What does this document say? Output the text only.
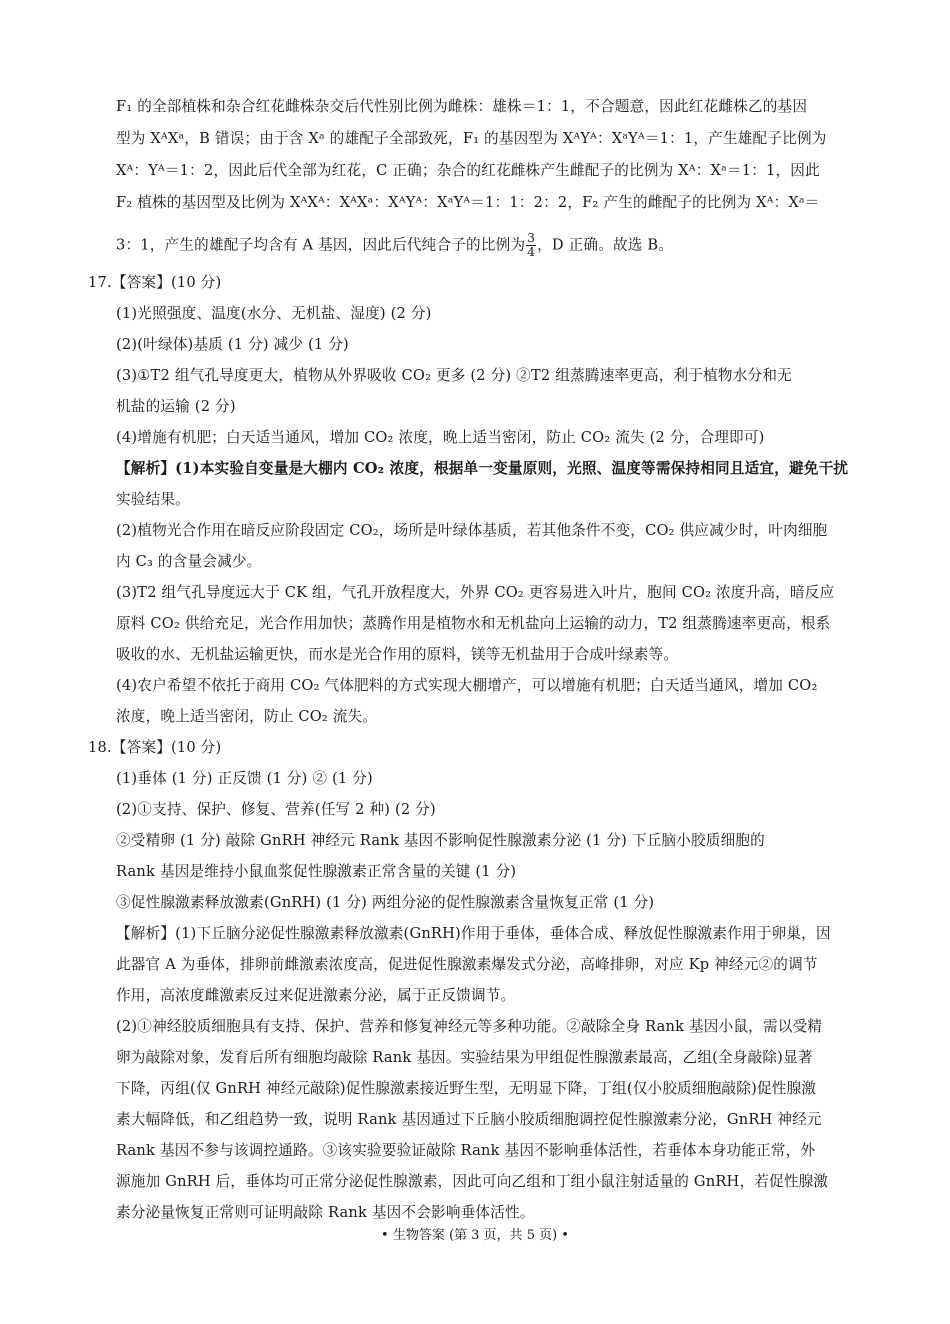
F₁ 的全部植株和杂合红花雌株杂交后代性别比例为雌株：雄株＝1：1，不合题意，因此红花雌株乙的基因
型为 XᴬXᵃ，B 错误；由于含 Xᵃ 的雄配子全部致死，F₁ 的基因型为 XᴬYᴬ：XᵃYᴬ＝1：1，产生雄配子比例为
Xᴬ：Yᴬ＝1：2，因此后代全部为红花，C 正确；杂合的红花雌株产生雌配子的比例为 Xᴬ：Xᵃ＝1：1，因此
F₂ 植株的基因型及比例为 XᴬXᴬ：XᴬXᵃ：XᴬYᴬ：XᵃYᴬ＝1：1：2：2，F₂ 产生的雌配子的比例为 Xᴬ：Xᵃ＝
3：1，产生的雄配子均含有 A 基因，因此后代纯合子的比例为 $\frac{3}{4}$ ，D 正确。故选 B。
17.【答案】(10 分)
(1)光照强度、温度(水分、无机盐、湿度) (2 分)
(2)(叶绿体)基质 (1 分) 减少 (1 分)
(3)①T2 组气孔导度更大，植物从外界吸收 CO₂ 更多 (2 分) ②T2 组蒸腾速率更高，利于植物水分和无
机盐的运输 (2 分)
(4)增施有机肥；白天适当通风，增加 CO₂ 浓度，晚上适当密闭，防止 CO₂ 流失 (2 分，合理即可)
【解析】(1)本实验自变量是大棚内 CO₂ 浓度，根据单一变量原则，光照、温度等需保持相同且适宜，避免干扰
实验结果。
(2)植物光合作用在暗反应阶段固定 CO₂，场所是叶绿体基质，若其他条件不变，CO₂ 供应减少时，叶肉细胞
内 C₃ 的含量会减少。
(3)T2 组气孔导度远大于 CK 组，气孔开放程度大，外界 CO₂ 更容易进入叶片，胞间 CO₂ 浓度升高，暗反应
原料 CO₂ 供给充足，光合作用加快；蒸腾作用是植物水和无机盐向上运输的动力，T2 组蒸腾速率更高，根系
吸收的水、无机盐运输更快，而水是光合作用的原料，镁等无机盐用于合成叶绿素等。
(4)农户希望不依托于商用 CO₂ 气体肥料的方式实现大棚增产，可以增施有机肥；白天适当通风，增加 CO₂
浓度，晚上适当密闭，防止 CO₂ 流失。
18.【答案】(10 分)
(1)垂体 (1 分) 正反馈 (1 分) ② (1 分)
(2)①支持、保护、修复、营养(任写 2 种) (2 分)
②受精卵 (1 分) 敲除 GnRH 神经元 Rank 基因不影响促性腺激素分泌 (1 分) 下丘脑小胶质细胞的
Rank 基因是维持小鼠血浆促性腺激素正常含量的关键 (1 分)
③促性腺激素释放激素(GnRH) (1 分) 两组分泌的促性腺激素含量恢复正常 (1 分)
【解析】(1)下丘脑分泌促性腺激素释放激素(GnRH)作用于垂体，垂体合成、释放促性腺激素作用于卵巢，因
此器官 A 为垂体，排卵前雌激素浓度高，促进促性腺激素爆发式分泌，高峰排卵，对应 Kp 神经元②的调节
作用，高浓度雌激素反过来促进激素分泌，属于正反馈调节。
(2)①神经胶质细胞具有支持、保护、营养和修复神经元等多种功能。②敲除全身 Rank 基因小鼠，需以受精
卵为敲除对象，发育后所有细胞均敲除 Rank 基因。实验结果为甲组促性腺激素最高，乙组(全身敲除)显著
下降，丙组(仅 GnRH 神经元敲除)促性腺激素接近野生型，无明显下降，丁组(仅小胶质细胞敲除)促性腺激
素大幅降低，和乙组趋势一致，说明 Rank 基因通过下丘脑小胶质细胞调控促性腺激素分泌，GnRH 神经元
Rank 基因不参与该调控通路。③该实验要验证敲除 Rank 基因不影响垂体活性，若垂体本身功能正常，外
源施加 GnRH 后，垂体均可正常分泌促性腺激素，因此可向乙组和丁组小鼠注射适量的 GnRH，若促性腺激
素分泌量恢复正常则可证明敲除 Rank 基因不会影响垂体活性。
• 生物答案 (第 3 页，共 5 页) •
